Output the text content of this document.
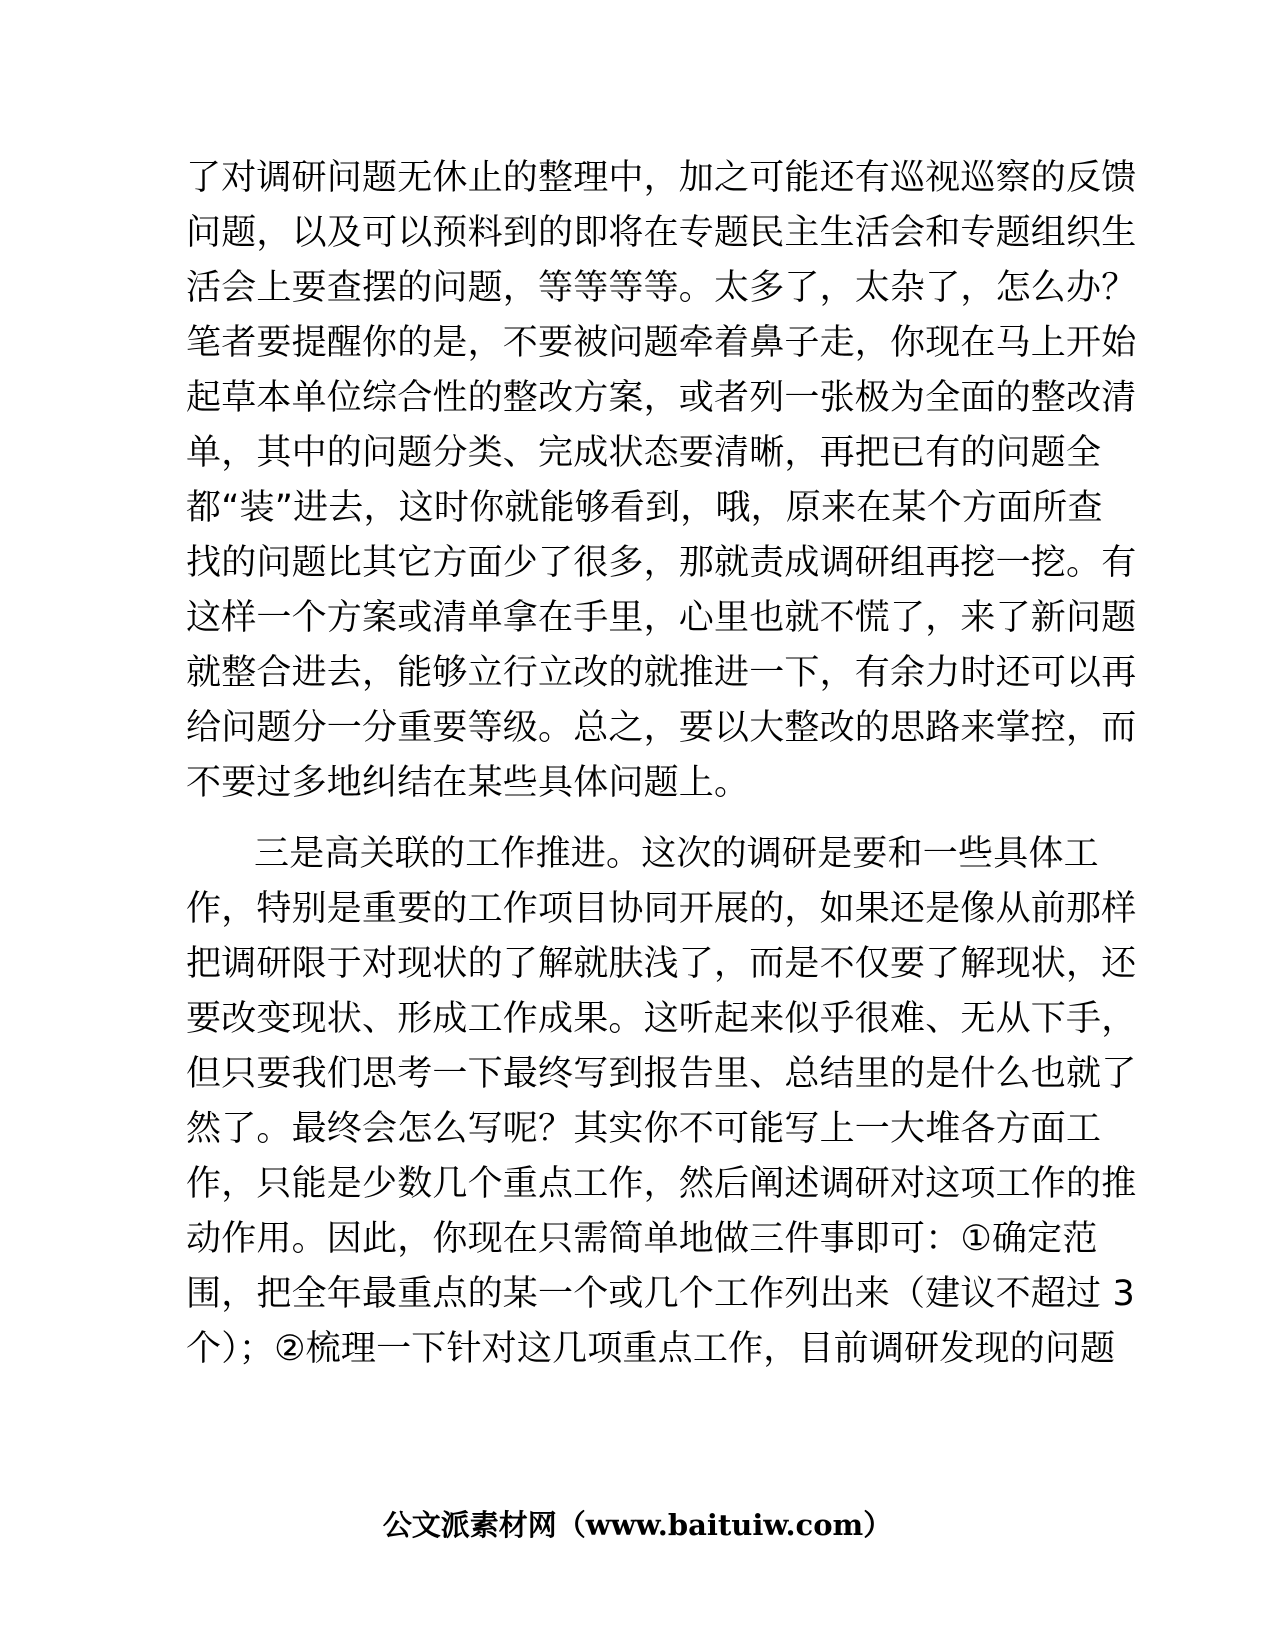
了对调研问题无休止的整理中，加之可能还有巡视巡察的反馈
问题，以及可以预料到的即将在专题民主生活会和专题组织生
活会上要查摆的问题，等等等等。太多了，太杂了，怎么办？
笔者要提醒你的是，不要被问题牵着鼻子走，你现在马上开始
起草本单位综合性的整改方案，或者列一张极为全面的整改清
单，其中的问题分类、完成状态要清晰，再把已有的问题全
都“装”进去，这时你就能够看到，哦，原来在某个方面所查
找的问题比其它方面少了很多，那就责成调研组再挖一挖。有
这样一个方案或清单拿在手里，心里也就不慌了，来了新问题
就整合进去，能够立行立改的就推进一下，有余力时还可以再
给问题分一分重要等级。总之，要以大整改的思路来掌控，而
不要过多地纠结在某些具体问题上。
三是高关联的工作推进。这次的调研是要和一些具体工
作，特别是重要的工作项目协同开展的，如果还是像从前那样
把调研限于对现状的了解就肤浅了，而是不仅要了解现状，还
要改变现状、形成工作成果。这听起来似乎很难、无从下手，
但只要我们思考一下最终写到报告里、总结里的是什么也就了
然了。最终会怎么写呢？其实你不可能写上一大堆各方面工
作，只能是少数几个重点工作，然后阐述调研对这项工作的推
动作用。因此，你现在只需简单地做三件事即可：①确定范
围，把全年最重点的某一个或几个工作列出来（建议不超过 3
个）；②梳理一下针对这几项重点工作，目前调研发现的问题
公文派素材网（www.baituiw.com）
